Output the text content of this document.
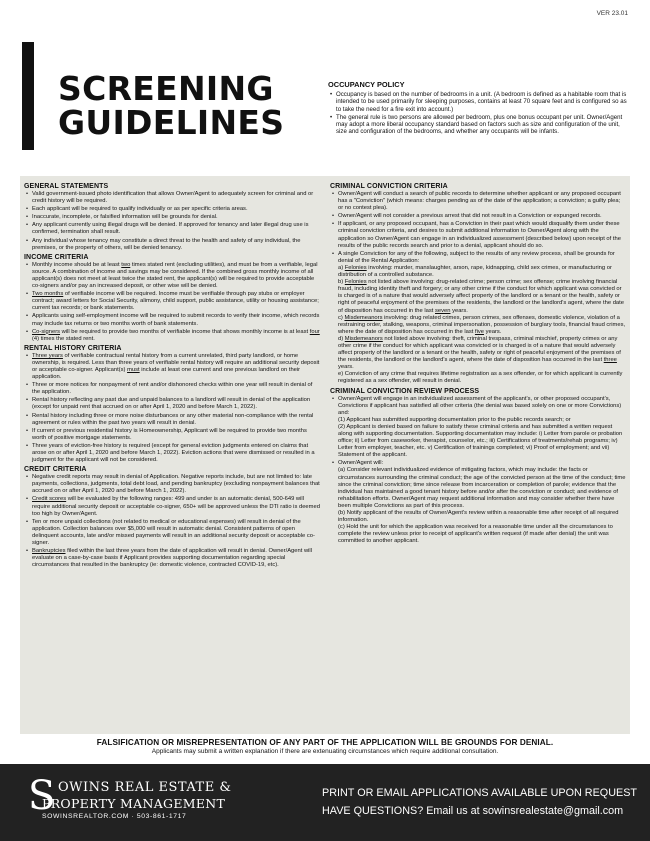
VER 23.01
SCREENING
GUIDELINES
OCCUPANCY POLICY
• Occupancy is based on the number of bedrooms in a unit. (A bedroom is defined as a habitable room that is intended to be used primarily for sleeping purposes, contains at least 70 square feet and is configured so as to take the need for a fire exit into account.)
• The general rule is two persons are allowed per bedroom, plus one bonus occupant per unit. Owner/Agent may adopt a more liberal occupancy standard based on factors such as size and configuration of the unit, size and configuration of the bedrooms, and whether any occupants will be infants.
GENERAL STATEMENTS
• Valid government-issued photo identification that allows Owner/Agent to adequately screen for criminal and or credit history will be required.
• Each applicant will be required to qualify individually or as per specific criteria areas.
• Inaccurate, incomplete, or falsified information will be grounds for denial.
• Any applicant currently using illegal drugs will be denied. If approved for tenancy and later illegal drug use is confirmed, termination shall result.
• Any individual whose tenancy may constitute a direct threat to the health and safety of any individual, the premises, or the property of others, will be denied tenancy.
INCOME CRITERIA
• Monthly income should be at least two times stated rent (excluding utilities), and must be from a verifiable, legal source. A combination of income and savings may be considered. If the combined gross monthly income of all applicant(s) does not meet at least twice the stated rent, the applicant(s) will be required to provide acceptable co-signers and/or pay an increased deposit, or other wise will be denied.
• Two months of verifiable income will be required. Income must be verifiable through pay stubs or employer contract; award letters for Social Security, alimony, child support, public assistance, utility or housing assistance; current tax records; or bank statements.
• Applicants using self-employment income will be required to submit records to verify their income, which records may include tax returns or two months worth of bank statements.
• Co-signers will be required to provide two months of verifiable income that shows monthly income is at least four (4) times the stated rent.
RENTAL HISTORY CRITERIA
• Three years of verifiable contractual rental history from a current unrelated, third party landlord, or home ownership, is required. Less than three years of verifiable rental history will require an additional security deposit or acceptable co-signer. Applicant(s) must include at least one current and one previous landlord on their application.
• Three or more notices for nonpayment of rent and/or dishonored checks within one year will result in denial of the application.
• Rental history reflecting any past due and unpaid balances to a landlord will result in denial of the application (except for unpaid rent that accrued on or after April 1, 2020 and before March 1, 2022).
• Rental history including three or more noise disturbances or any other material non-compliance with the rental agreement or rules within the past two years will result in denial.
• If current or previous residential history is Homeownership, Applicant will be required to provide two months worth of positive mortgage statements.
• Three years of eviction-free history is required (except for general eviction judgments entered on claims that arose on or after April 1, 2020 and before March 1, 2022). Eviction actions that were dismissed or resulted in a judgment for the applicant will not be considered.
CREDIT CRITERIA
• Negative credit reports may result in denial of Application. Negative reports include, but are not limited to: late payments, collections, judgments, total debt load, and pending bankruptcy (excluding nonpayment balances that accrued on or after April 1, 2020 and before March 1, 2022).
• Credit scores will be evaluated by the following ranges: 499 and under is an automatic denial, 500-649 will require additional security deposit or acceptable co-signer, 650+ will be approved unless the DTI ratio is deemed too high by Owner/Agent.
• Ten or more unpaid collections (not related to medical or educational expenses) will result in denial of the application. Collection balances over $5,000 will result in automatic denial. Consistent patterns of open delinquent accounts, late and/or missed payments will result in an additional security deposit or acceptable co-signer.
• Bankruptcies filed within the last three years from the date of application will result in denial. Owner/Agent will evaluate on a case-by-case basis if Applicant provides supporting documentation regarding special circumstances that resulted in the bankruptcy (ie: domestic violence, contracted COVID-19, etc).
CRIMINAL CONVICTION CRITERIA
• Owner/Agent will conduct a search of public records to determine whether applicant or any proposed occupant has a "Conviction" (which means: charges pending as of the date of the application; a conviction; a guilty plea; or no contest plea).
• Owner/Agent will not consider a previous arrest that did not result in a Conviction or expunged records.
• If applicant, or any proposed occupant, has a Conviction in their past which would disqualify them under these criminal conviction criteria, and desires to submit additional information to Owner/Agent along with the application so Owner/Agent can engage in an individualized assessment (described below) upon receipt of the results of the public records search and prior to a denial, applicant should do so.
• A single Conviction for any of the following, subject to the results of any review process, shall be grounds for denial of the Rental Application:
a) Felonies involving: murder, manslaughter, arson, rape, kidnapping, child sex crimes, or manufacturing or distribution of a controlled substance.
b) Felonies not listed above involving: drug-related crime; person crime; sex offense; crime involving financial fraud, including identity theft and forgery; or any other crime if the conduct for which applicant was convicted or is charged is of a nature that would adversely affect property of the landlord or a tenant or the health, safety or right of peaceful enjoyment of the premises of the residents, the landlord or the landlord's agent, where the date of disposition has occurred in the last seven years.
c) Misdemeanors involving: drug related crimes, person crimes, sex offenses, domestic violence, violation of a restraining order, stalking, weapons, criminal impersonation, possession of burglary tools, financial fraud crimes, where the date of disposition has occurred in the last five years.
d) Misdemeanors not listed above involving: theft, criminal trespass, criminal mischief, property crimes or any other crime if the conduct for which applicant was convicted or is charged is of a nature that would adversely affect property of the landlord or a tenant or the health, safety or right of peaceful enjoyment of the premises of the residents, the landlord or the landlord's agent, where the date of disposition has occurred in the last three years.
e) Conviction of any crime that requires lifetime registration as a sex offender, or for which applicant is currently registered as a sex offender, will result in denial.
CRIMINAL CONVICTION REVIEW PROCESS
• Owner/Agent will engage in an individualized assessment of the applicant's, or other proposed occupant's, Convictions if applicant has satisfied all other criteria (the denial was based solely on one or more Convictions) and:
(1) Applicant has submitted supporting documentation prior to the public records search; or
(2) Applicant is denied based on failure to satisfy these criminal criteria and has submitted a written request along with supporting documentation. Supporting documentation may include: i) Letter from parole or probation office; ii) Letter from caseworker, therapist, counselor, etc.; iii) Certifications of treatments/rehab programs; iv) Letter from employer, teacher, etc. v) Certification of trainings completed; vi) Proof of employment; and vii) Statement of the applicant.
• Owner/Agent will:
(a) Consider relevant individualized evidence of mitigating factors, which may include: the facts or circumstances surrounding the criminal conduct; the age of the convicted person at the time of the conduct; time since the criminal conviction; time since release from incarceration or completion of parole; evidence that the individual has maintained a good tenant history before and/or after the conviction or conduct; and evidence of rehabilitation efforts. Owner/Agent may request additional information and may consider whether there have been multiple Convictions as part of this process.
(b) Notify applicant of the results of Owner/Agent's review within a reasonable time after receipt of all required information.
(c) Hold the unit for which the application was received for a reasonable time under all the circumstances to complete the review unless prior to receipt of applicant's written request (if made after denial) the unit was committed to another applicant.
FALSIFICATION OR MISREPRESENTATION OF ANY PART OF THE APPLICATION WILL BE GROUNDS FOR DENIAL.
Applicants may submit a written explanation if there are extenuating circumstances which require additional consultation.
S OWINS REAL ESTATE &
PROPERTY MANAGEMENT
SOWINSREALTOR.COM · 503-861-1717
PRINT OR EMAIL APPLICATIONS AVAILABLE UPON REQUEST
HAVE QUESTIONS? Email us at sowinsrealestate@gmail.com
